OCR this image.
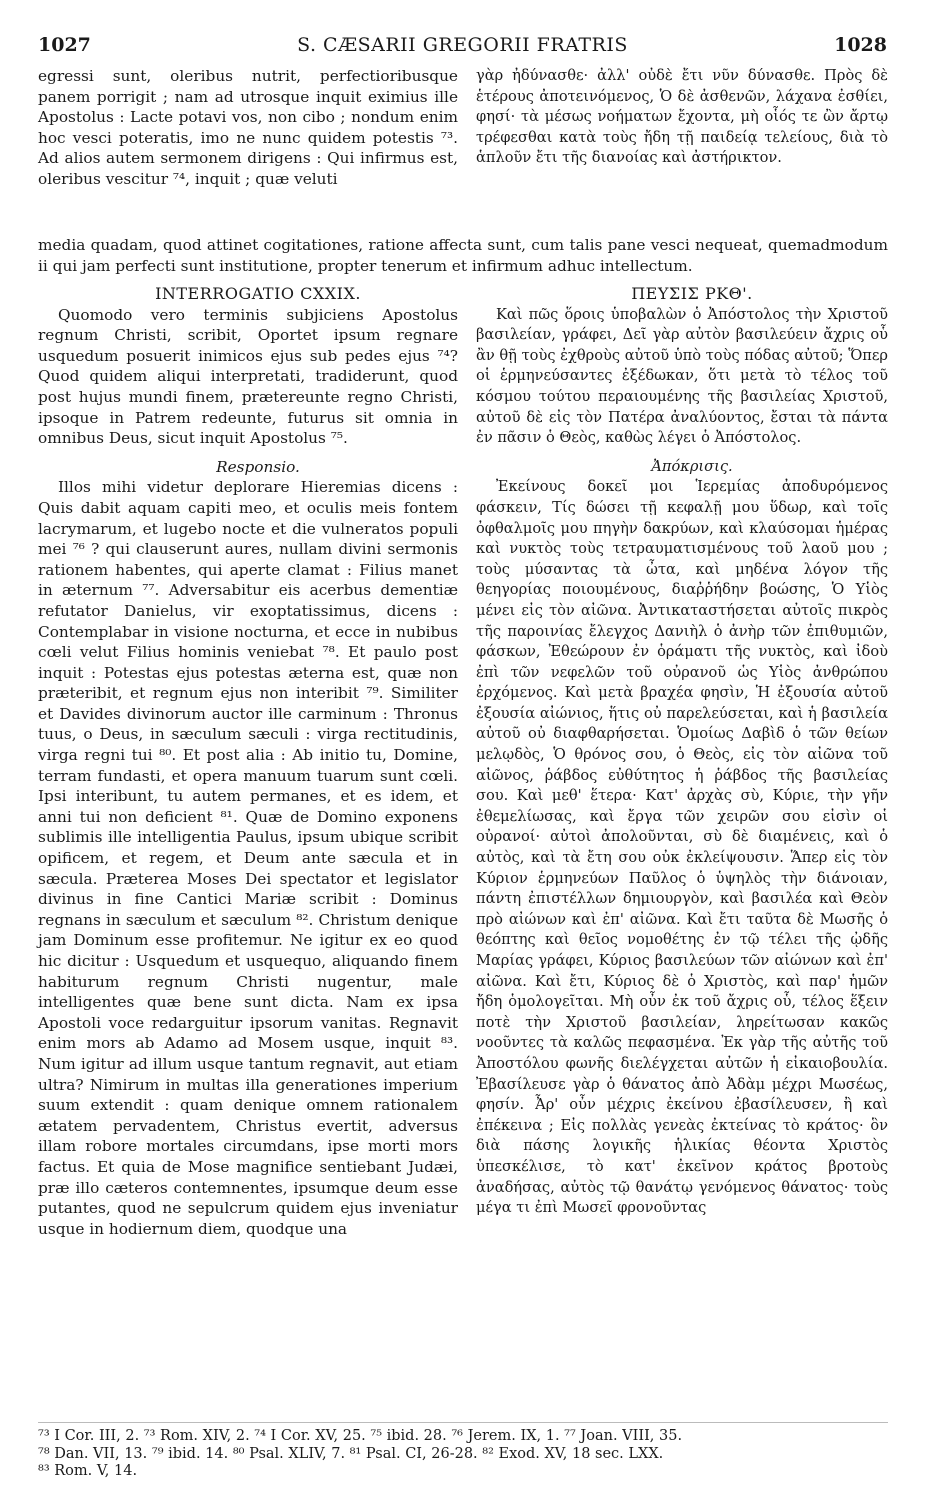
1027	S. CÆSARII GREGORII FRATRIS	1028

egressi sunt, oleribus nutrit, perfectioribusque panem porrigit ; nam ad utrosque inquit eximius ille Apostolus : Lacte potavi vos, non cibo ; nondum enim hoc vesci poteratis, imo ne nunc quidem potestis ⁷³. Ad alios autem sermonem dirigens : Qui infirmus est, oleribus vescitur ⁷⁴, inquit ; quæ veluti

γὰρ ἠδύνασθε· ἀλλ' οὐδὲ ἔτι νῦν δύνασθε. Πρὸς δὲ ἑτέρους ἀποτεινόμενος, Ὁ δὲ ἀσθενῶν, λάχανα ἐσθίει, φησί· τὰ μέσως νοήματων ἔχοντα, μὴ οἷός τε ὢν ἄρτῳ τρέφεσθαι κατὰ τοὺς ἤδη τῇ παιδείᾳ τελείους, διὰ τὸ ἁπλοῦν ἔτι τῆς διανοίας καὶ ἀστήρικτον.

media quadam, quod attinet cogitationes, ratione affecta sunt, cum talis pane vesci nequeat, quemadmodum ii qui jam perfecti sunt institutione, propter tenerum et infirmum adhuc intellectum.

INTERROGATIO CXXIX.

Quomodo vero terminis subjiciens Apostolus regnum Christi, scribit, Oportet ipsum regnare usquedum posuerit inimicos ejus sub pedes ejus ⁷⁴? Quod quidem aliqui interpretati, tradiderunt, quod post hujus mundi finem, prætereunte regno Christi, ipsoque in Patrem redeunte, futurus sit omnia in omnibus Deus, sicut inquit Apostolus ⁷⁵.

Responsio.

Illos mihi videtur deplorare Hieremias dicens : Quis dabit aquam capiti meo, et oculis meis fontem lacrymarum, et lugebo nocte et die vulneratos populi mei ⁷⁶ ? qui clauserunt aures, nullam divini sermonis rationem habentes, qui aperte clamat : Filius manet in æternum ⁷⁷. Adversabitur eis acerbus dementiæ refutator Danielus, vir exoptatissimus, dicens : Contemplabar in visione nocturna, et ecce in nubibus cœli velut Filius hominis veniebat ⁷⁸. Et paulo post inquit : Potestas ejus potestas æterna est, quæ non præteribit, et regnum ejus non interibit ⁷⁹. Similiter et Davides divinorum auctor ille carminum : Thronus tuus, o Deus, in sæculum sæculi : virga rectitudinis, virga regni tui ⁸⁰. Et post alia : Ab initio tu, Domine, terram fundasti, et opera manuum tuarum sunt cœli. Ipsi interibunt, tu autem permanes, et es idem, et anni tui non deficient ⁸¹. Quæ de Domino exponens sublimis ille intelligentia Paulus, ipsum ubique scribit opificem, et regem, et Deum ante sæcula et in sæcula. Præterea Moses Dei spectator et legislator divinus in fine Cantici Mariæ scribit : Dominus regnans in sæculum et sæculum ⁸². Christum denique jam Dominum esse profitemur. Ne igitur ex eo quod hic dicitur : Usquedum et usquequo, aliquando finem habiturum regnum Christi nugentur, male intelligentes quæ bene sunt dicta. Nam ex ipsa Apostoli voce redarguitur ipsorum vanitas. Regnavit enim mors ab Adamo ad Mosem usque, inquit ⁸³. Num igitur ad illum usque tantum regnavit, aut etiam ultra? Nimirum in multas illa generationes imperium suum extendit : quam denique omnem rationalem ætatem pervadentem, Christus evertit, adversus illam robore mortales circumdans, ipse morti mors factus. Et quia de Mose magnifice sentiebant Judæi, præ illo cæteros contemnentes, ipsumque deum esse putantes, quod ne sepulcrum quidem ejus inveniatur usque in hodiernum diem, quodque una

ΠΕΥΣΙΣ ΡΚΘ'.

Καὶ πῶς ὅροις ὑποβαλὼν ὁ Ἀπόστολος τὴν Χριστοῦ βασιλείαν, γράφει, Δεῖ γὰρ αὐτὸν βασιλεύειν ἄχρις οὗ ἂν θῇ τοὺς ἐχθροὺς αὐτοῦ ὑπὸ τοὺς πόδας αὐτοῦ; Ὅπερ οἱ ἑρμηνεύσαντες ἐξέδωκαν, ὅτι μετὰ τὸ τέλος τοῦ κόσμου τούτου περαιουμένης τῆς βασιλείας Χριστοῦ, αὐτοῦ δὲ εἰς τὸν Πατέρα ἀναλύοντος, ἔσται τὰ πάντα ἐν πᾶσιν ὁ Θεὸς, καθὼς λέγει ὁ Ἀπόστολος.

Ἀπόκρισις.

Ἐκείνους δοκεῖ μοι Ἱερεμίας ἀποδυρόμενος φάσκειν, Τίς δώσει τῇ κεφαλῇ μου ὕδωρ, καὶ τοῖς ὀφθαλμοῖς μου πηγὴν δακρύων, καὶ κλαύσομαι ἡμέρας καὶ νυκτὸς τοὺς τετραυματισμένους τοῦ λαοῦ μου ; τοὺς μύσαντας τὰ ὦτα, καὶ μηδένα λόγον τῆς θεηγορίας ποιουμένους, διαῤῥήδην βοώσης, Ὁ Υἱὸς μένει εἰς τὸν αἰῶνα. Ἀντικαταστήσεται αὐτοῖς πικρὸς τῆς παροινίας ἔλεγχος Δανιὴλ ὁ ἀνὴρ τῶν ἐπιθυμιῶν, φάσκων, Ἐθεώρουν ἐν ὁράματι τῆς νυκτὸς, καὶ ἰδοὺ ἐπὶ τῶν νεφελῶν τοῦ οὐρανοῦ ὡς Υἱὸς ἀνθρώπου ἐρχόμενος. Καὶ μετὰ βραχέα φησὶν, Ἡ ἐξουσία αὐτοῦ ἐξουσία αἰώνιος, ἥτις οὐ παρελεύσεται, καὶ ἡ βασιλεία αὐτοῦ οὐ διαφθαρήσεται. Ὁμοίως Δαβὶδ ὁ τῶν θείων μελῳδὸς, Ὁ θρόνος σου, ὁ Θεὸς, εἰς τὸν αἰῶνα τοῦ αἰῶνος, ῥάβδος εὐθύτητος ἡ ῥάβδος τῆς βασιλείας σου. Καὶ μεθ' ἕτερα· Κατ' ἀρχὰς σὺ, Κύριε, τὴν γῆν ἐθεμελίωσας, καὶ ἔργα τῶν χειρῶν σου εἰσὶν οἱ οὐρανοί· αὐτοὶ ἀπολοῦνται, σὺ δὲ διαμένεις, καὶ ὁ αὐτὸς, καὶ τὰ ἔτη σου οὐκ ἐκλείψουσιν. Ἅπερ εἰς τὸν Κύριον ἑρμηνεύων Παῦλος ὁ ὑψηλὸς τὴν διάνοιαν, πάντη ἐπιστέλλων δημιουργὸν, καὶ βασιλέα καὶ Θεὸν πρὸ αἰώνων καὶ ἐπ' αἰῶνα. Καὶ ἔτι ταῦτα δὲ Μωσῆς ὁ θεόπτης καὶ θεῖος νομοθέτης ἐν τῷ τέλει τῆς ᾠδῆς Μαρίας γράφει, Κύριος βασιλεύων τῶν αἰώνων καὶ ἐπ' αἰῶνα. Καὶ ἔτι, Κύριος δὲ ὁ Χριστὸς, καὶ παρ' ἡμῶν ἤδη ὁμολογεῖται. Μὴ οὖν ἐκ τοῦ ἄχρις οὗ, τέλος ἕξειν ποτὲ τὴν Χριστοῦ βασιλείαν, ληρείτωσαν κακῶς νοοῦντες τὰ καλῶς πεφασμένα. Ἐκ γὰρ τῆς αὐτῆς τοῦ Ἀποστόλου φωνῆς διελέγχεται αὐτῶν ἡ εἰκαιοβουλία. Ἐβασίλευσε γὰρ ὁ θάνατος ἀπὸ Ἀδὰμ μέχρι Μωσέως, φησίν. Ἆρ' οὖν μέχρις ἐκείνου ἐβασίλευσεν, ἢ καὶ ἐπέκεινα ; Εἰς πολλὰς γενεὰς ἐκτείνας τὸ κράτος· ὃν διὰ πάσης λογικῆς ἡλικίας θέοντα Χριστὸς ὑπεσκέλισε, τὸ κατ' ἐκεῖνον κράτος βροτοὺς ἀναδήσας, αὐτὸς τῷ θανάτῳ γενόμενος θάνατος· τοὺς μέγα τι ἐπὶ Μωσεῖ φρονοῦντας

⁷³ I Cor. III, 2. ⁷³ Rom. XIV, 2. ⁷⁴ I Cor. XV, 25. ⁷⁵ ibid. 28. ⁷⁶ Jerem. IX, 1. ⁷⁷ Joan. VIII, 35.

⁷⁸ Dan. VII, 13. ⁷⁹ ibid. 14. ⁸⁰ Psal. XLIV, 7. ⁸¹ Psal. CI, 26-28. ⁸² Exod. XV, 18 sec. LXX.

⁸³ Rom. V, 14.
